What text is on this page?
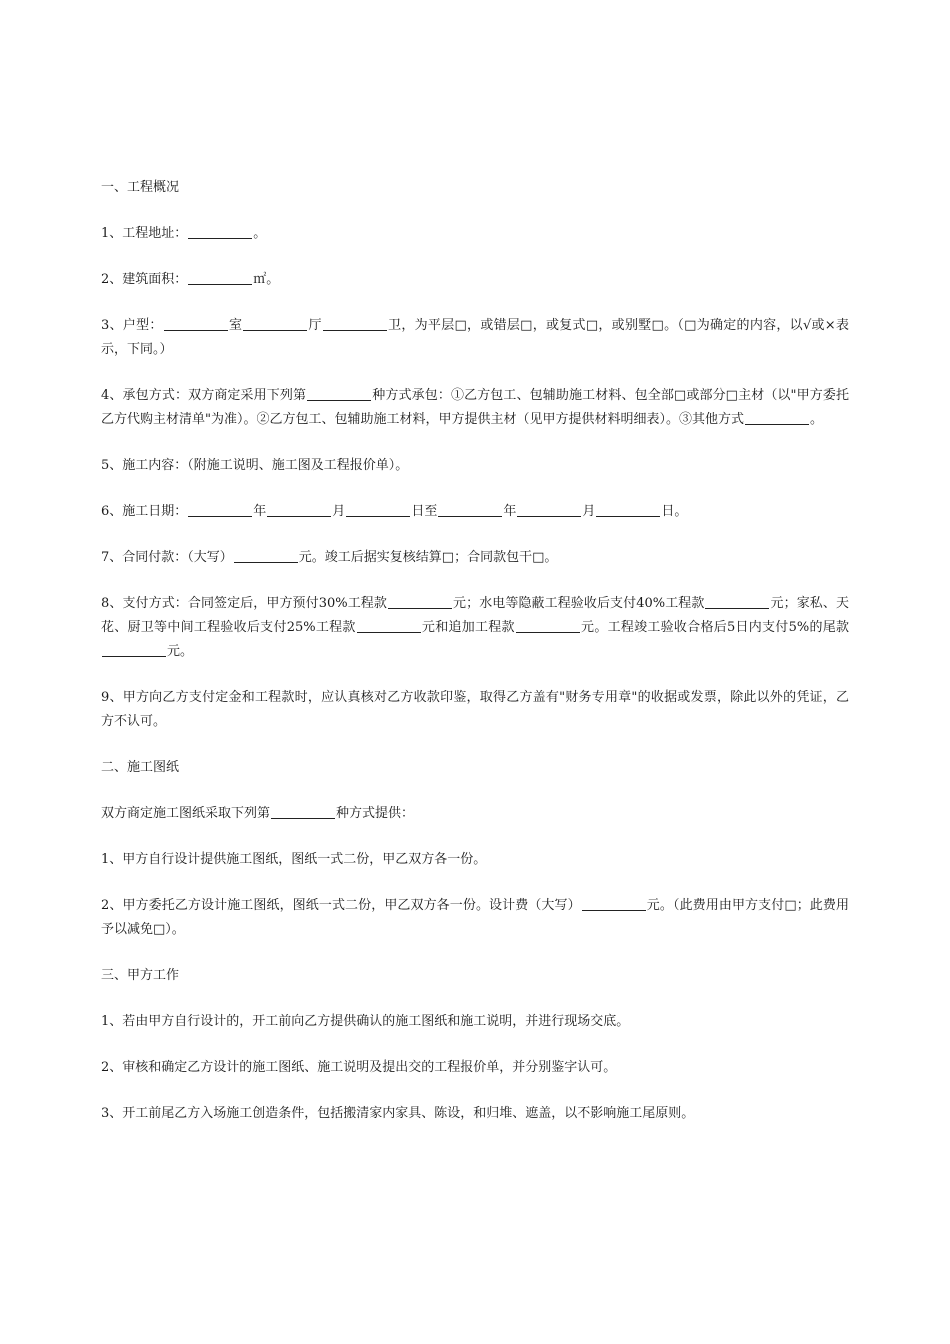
一、工程概况

1、工程地址：	。

2、建筑面积：	㎡。

3、户型：	室	厅	卫，为平层□，或错层□，或复式□，或别墅□。（□为确定的内容，以√或×表示，下同。）

4、承包方式：双方商定采用下列第	种方式承包：①乙方包工、包辅助施工材料、包全部□或部分□主材（以"甲方委托乙方代购主材清单"为准）。②乙方包工、包辅助施工材料，甲方提供主材（见甲方提供材料明细表）。③其他方式	。

5、施工内容：（附施工说明、施工图及工程报价单）。

6、施工日期：	年	月	日至	年	月	日。

7、合同付款：（大写）	元。竣工后据实复核结算□；合同款包干□。

8、支付方式：合同签定后，甲方预付30%工程款	元；水电等隐蔽工程验收后支付40%工程款	元；家私、天花、厨卫等中间工程验收后支付25%工程款	元和追加工程款	元。工程竣工验收合格后5日内支付5%的尾款元。

9、甲方向乙方支付定金和工程款时，应认真核对乙方收款印鉴，取得乙方盖有"财务专用章"的收据或发票，除此以外的凭证，乙方不认可。

二、施工图纸

双方商定施工图纸采取下列第	种方式提供：

1、甲方自行设计提供施工图纸，图纸一式二份，甲乙双方各一份。

2、甲方委托乙方设计施工图纸，图纸一式二份，甲乙双方各一份。设计费（大写）	元。（此费用由甲方支付□；此费用予以减免□）。

三、甲方工作

1、若由甲方自行设计的，开工前向乙方提供确认的施工图纸和施工说明，并进行现场交底。

2、审核和确定乙方设计的施工图纸、施工说明及提出交的工程报价单，并分别鉴字认可。

3、开工前尾乙方入场施工创造条件，包括搬清家内家具、陈设，和归堆、遮盖，以不影响施工尾原则。
